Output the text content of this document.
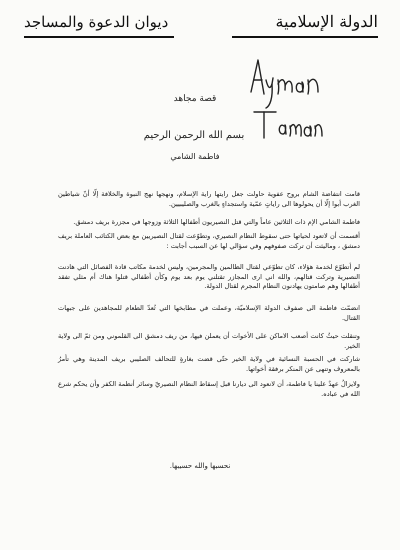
ديوان الدعوة والمساجد	الدولة الإسلامية
قصة مجاهد
بسم الله الرحمن الرحيم
فاطمة الشامي
قامت انتفاضة الشام بروح عفوية حاولت جعل رايتها راية الإسلام، ونهجها نهج النبوة والخلافة إلّا أنّ شياطين الغرب أبوا إلّا أن يحولوها الى راياتٍ عمّية واستجداءٍ بالغرب والصليبيين.
فاطمة الشامي الإم ذات الثلاثين عاماً والتي قتل النصيريون أطفالها الثلاثة وزوجها في مجزرة بريف دمشق.
أقسمت أن لاتعود لحياتها حتى سقوط النظام النصيري، وتطوّعت لقتال النصيريين مع بعض الكتائب العاملة بريف دمشق ، وماليثت أن تركت صفوفهم وفي سؤالي لها عن السبب أجابت :
لم أتطوّع لخدمة هؤلاء، كان تطوّعي لقتال الظالمين والمجرمين، وليس لخدمة مكاتب قادة الفصائل التي هادنت النصيرية وتركت قتالهم، والله اني ارى المجازر تقتلني يوم بعد يوم وكأن أطفالي قتلوا هناك أم مثلي تفقد أطفالها وهم صامتون يهادنون النظام المجرم لقتال الدولة.
انضمّت فاطمة الى صفوف الدولة الإسلاميّة، وعملت في مطابخها التي تُعدّ الطعام للمجاهدين على جبهات القتال.
وتنقلت حيثُ كانت أصعب الاماكن على الأخوات أن يعملن فيها، من ريف دمشق الى القلموني ومن ثمّ الى ولاية الخير.
شاركت في الحسبة النسائية في ولاية الخير حتّى قضت بغارةٍ للتحالف الصليبي بريف المدينة وهي تأمرُ بالمعروف وتنهى عن المنكر برفقة أخواتها.
ولايزالُ عهدٌ علينا يا فاطمة، أن لانعود الى ديارنا قبل إسقاط النظام النصيريّ وسائر أنظمة الكفر وأن يحكم شرع الله في عباده.
نحسبها والله حسيبها.
